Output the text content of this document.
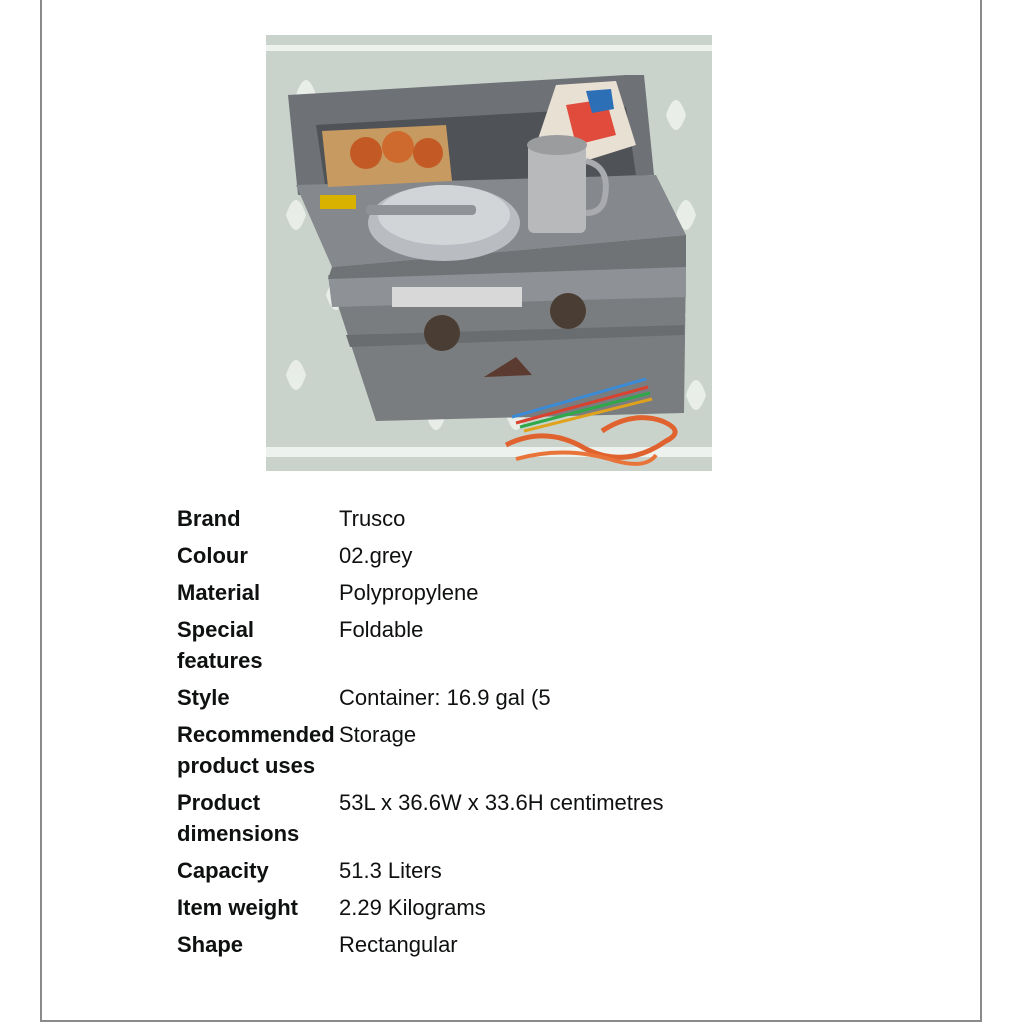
Brand	Trusco
Colour	02.grey
Material	Polypropylene
Special features	Foldable
Style	Container: 16.9 gal (5
Recommended product uses	Storage
Product dimensions	53L x 36.6W x 33.6H centimetres
Capacity	51.3 Liters
Item weight	2.29 Kilograms
Shape	Rectangular
